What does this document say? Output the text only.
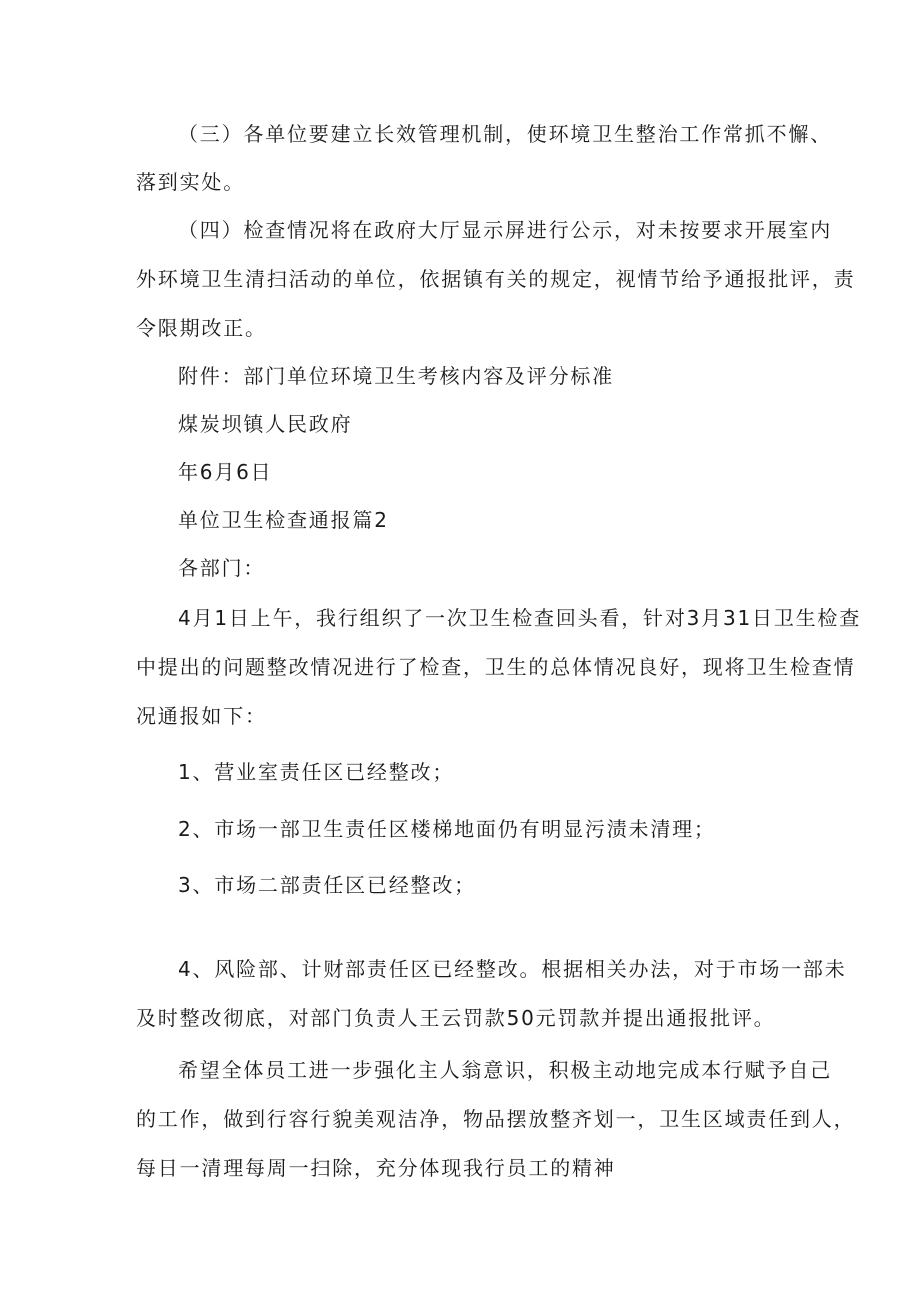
（三）各单位要建立长效管理机制，使环境卫生整治工作常抓不懈、
落到实处。
（四）检查情况将在政府大厅显示屏进行公示，对未按要求开展室内
外环境卫生清扫活动的单位，依据镇有关的规定，视情节给予通报批评，责
令限期改正。
附件：部门单位环境卫生考核内容及评分标准
煤炭坝镇人民政府
年6月6日
单位卫生检查通报篇2
各部门：
4月1日上午，我行组织了一次卫生检查回头看，针对3月31日卫生检查
中提出的问题整改情况进行了检查，卫生的总体情况良好，现将卫生检查情
况通报如下：
1、营业室责任区已经整改；
2、市场一部卫生责任区楼梯地面仍有明显污渍未清理；
3、市场二部责任区已经整改；
4、风险部、计财部责任区已经整改。根据相关办法，对于市场一部未
及时整改彻底，对部门负责人王云罚款50元罚款并提出通报批评。
希望全体员工进一步强化主人翁意识，积极主动地完成本行赋予自己
的工作，做到行容行貌美观洁净，物品摆放整齐划一，卫生区域责任到人，
每日一清理每周一扫除，充分体现我行员工的精神
